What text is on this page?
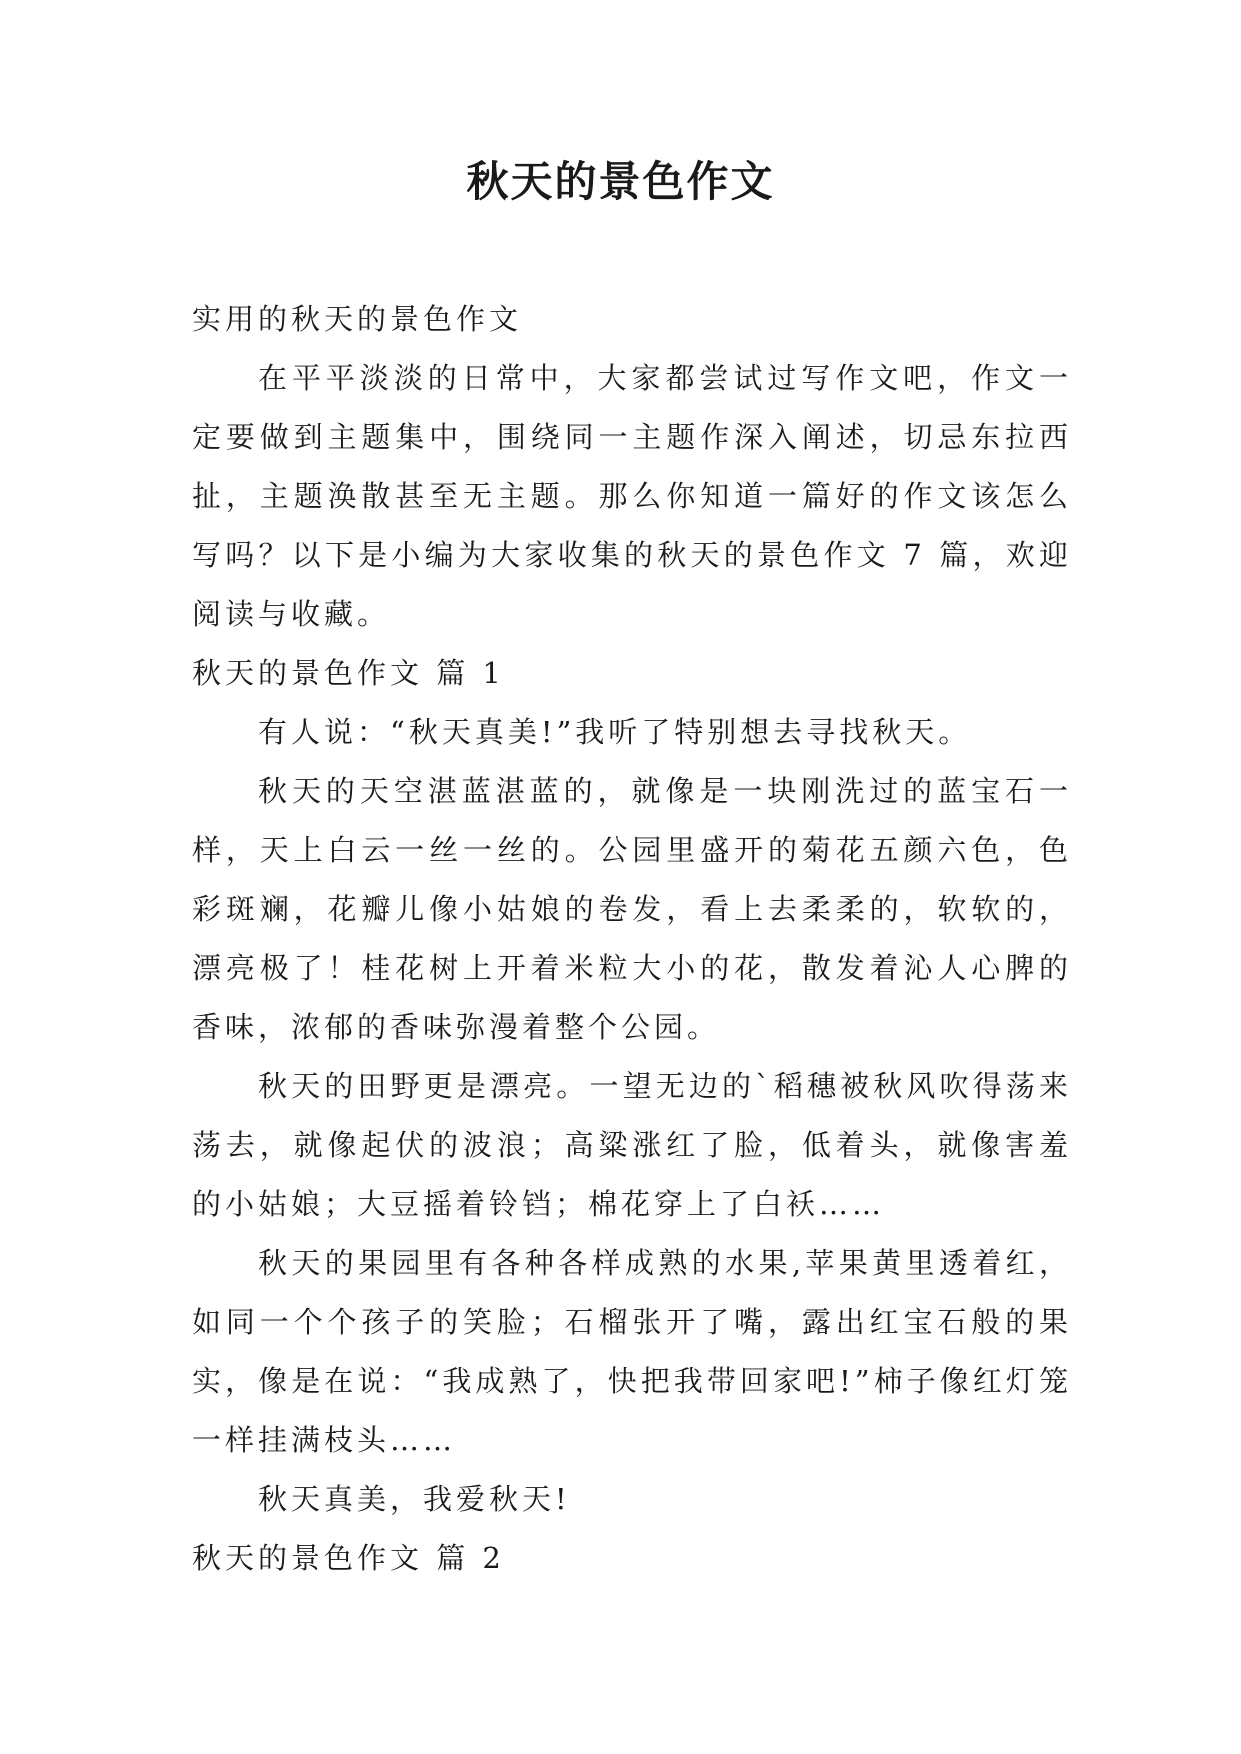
秋天的景色作文

实用的秋天的景色作文

在平平淡淡的日常中，大家都尝试过写作文吧，作文一定要做到主题集中，围绕同一主题作深入阐述，切忌东拉西扯，主题涣散甚至无主题。那么你知道一篇好的作文该怎么写吗？以下是小编为大家收集的秋天的景色作文 7 篇，欢迎阅读与收藏。

秋天的景色作文 篇 1

有人说：“秋天真美!”我听了特别想去寻找秋天。

秋天的天空湛蓝湛蓝的，就像是一块刚洗过的蓝宝石一样，天上白云一丝一丝的。公园里盛开的菊花五颜六色，色彩斑斓，花瓣儿像小姑娘的卷发，看上去柔柔的，软软的，漂亮极了！桂花树上开着米粒大小的花，散发着沁人心脾的香味，浓郁的香味弥漫着整个公园。

秋天的田野更是漂亮。一望无边的`稻穗被秋风吹得荡来荡去，就像起伏的波浪；高粱涨红了脸，低着头，就像害羞的小姑娘；大豆摇着铃铛；棉花穿上了白袄……

秋天的果园里有各种各样成熟的水果,苹果黄里透着红，如同一个个孩子的笑脸；石榴张开了嘴，露出红宝石般的果实，像是在说：“我成熟了，快把我带回家吧!”柿子像红灯笼一样挂满枝头……

秋天真美，我爱秋天!

秋天的景色作文 篇 2
